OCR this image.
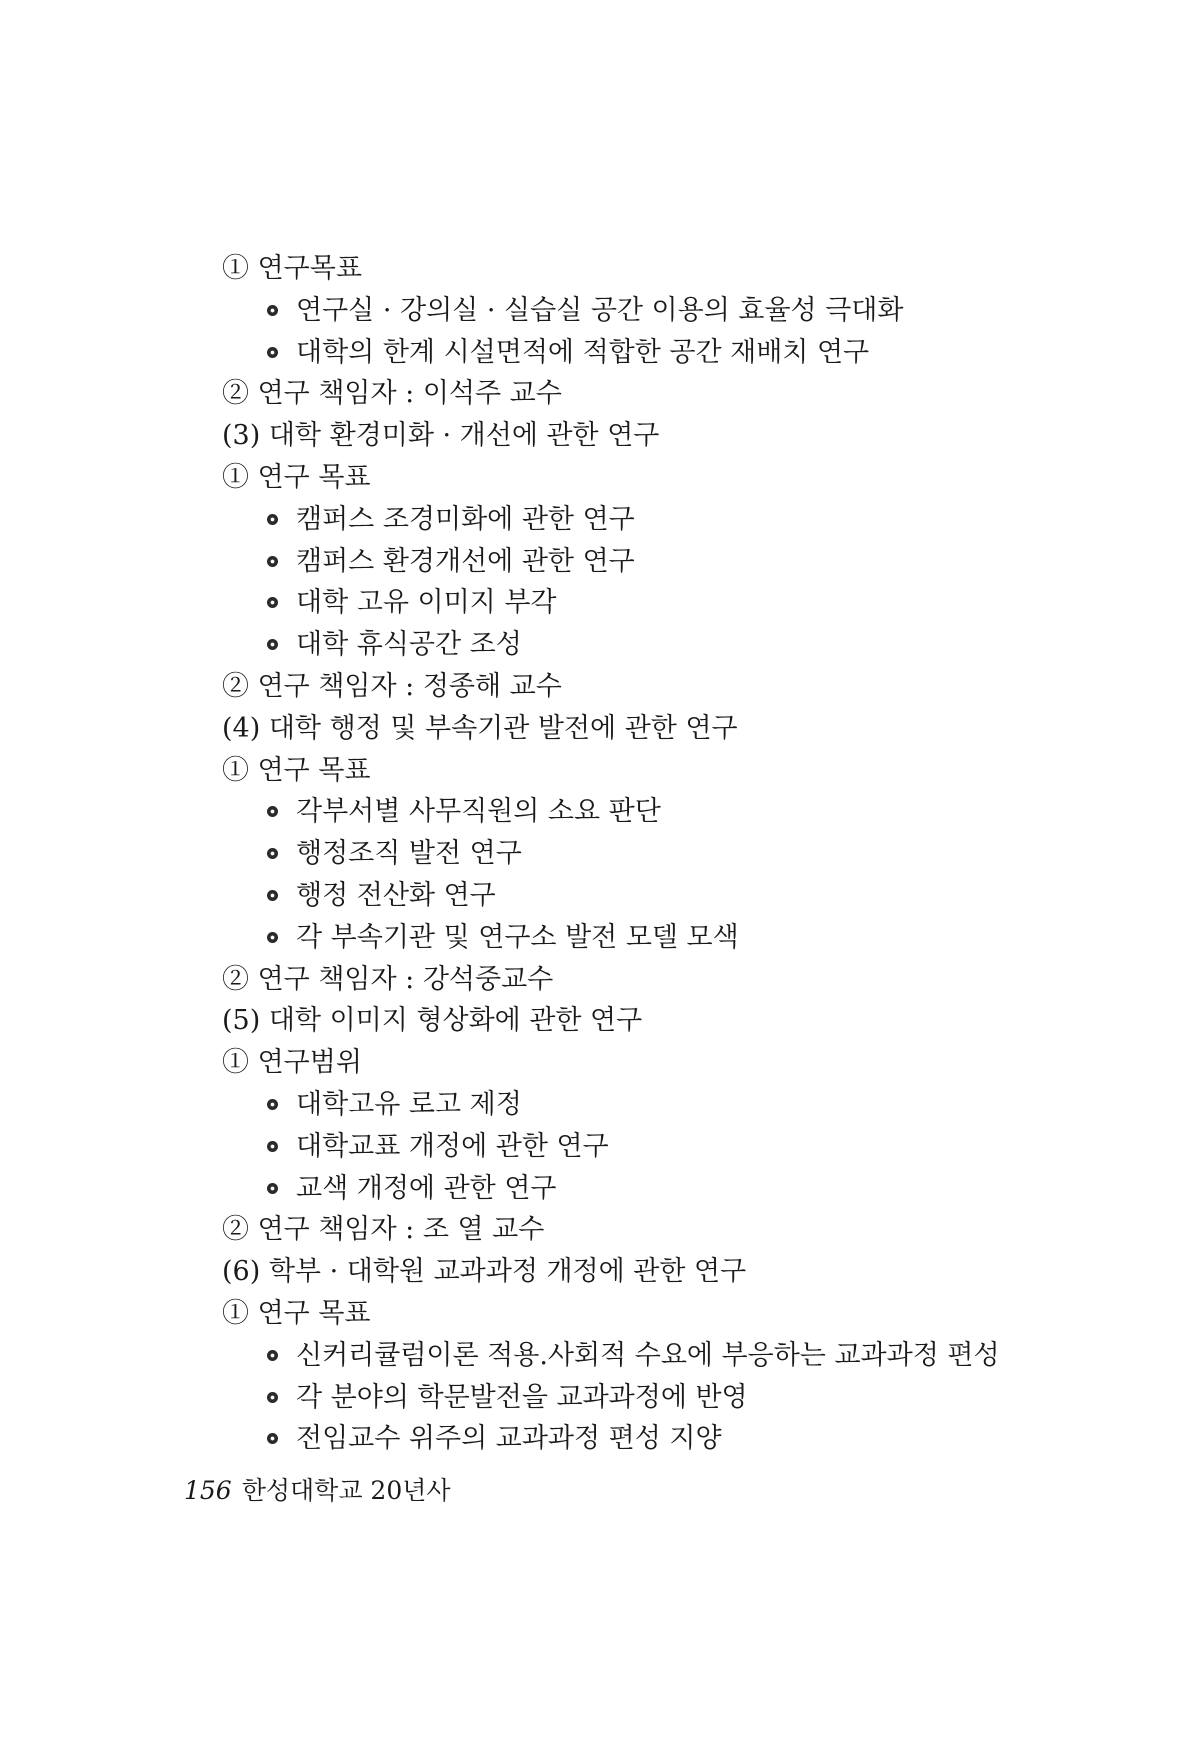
① 연구목표
연구실 · 강의실 · 실습실 공간 이용의 효율성 극대화
대학의 한계 시설면적에 적합한 공간 재배치 연구
② 연구 책임자 : 이석주 교수
(3) 대학 환경미화 · 개선에 관한 연구
① 연구 목표
캠퍼스 조경미화에 관한 연구
캠퍼스 환경개선에 관한 연구
대학 고유 이미지 부각
대학 휴식공간 조성
② 연구 책임자 : 정종해 교수
(4) 대학 행정 및 부속기관 발전에 관한 연구
① 연구 목표
각부서별 사무직원의 소요 판단
행정조직 발전 연구
행정 전산화 연구
각 부속기관 및 연구소 발전 모델 모색
② 연구 책임자 : 강석중교수
(5) 대학 이미지 형상화에 관한 연구
① 연구범위
대학고유 로고 제정
대학교표 개정에 관한 연구
교색 개정에 관한 연구
② 연구 책임자 : 조 열 교수
(6) 학부 · 대학원 교과과정 개정에 관한 연구
① 연구 목표
신커리큘럼이론 적용.사회적 수요에 부응하는 교과과정 편성
각 분야의 학문발전을 교과과정에 반영
전임교수 위주의 교과과정 편성 지양
156 한성대학교 20년사
